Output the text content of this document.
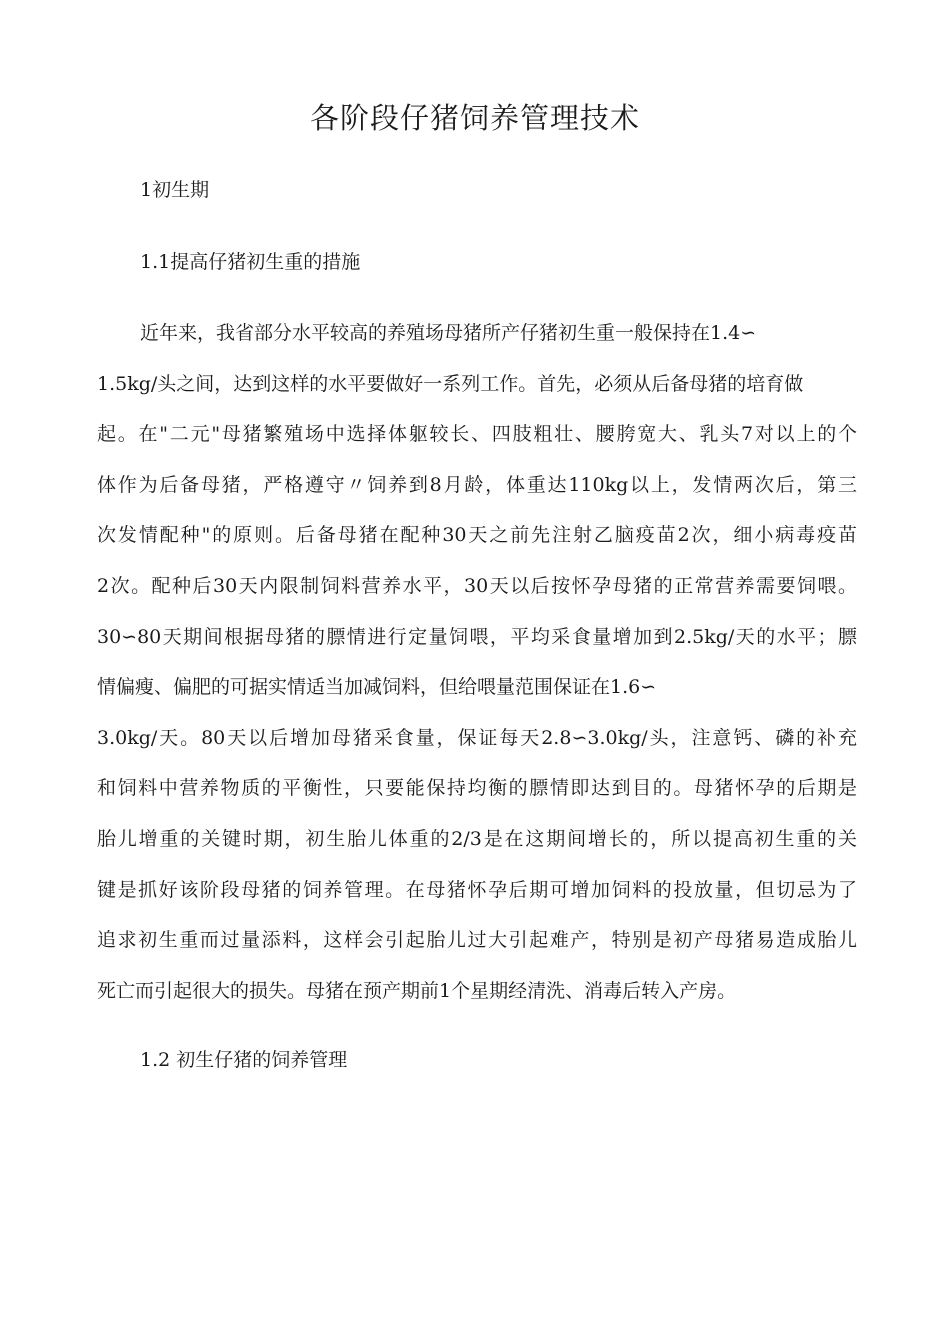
各阶段仔猪饲养管理技术
1初生期
1.1提高仔猪初生重的措施
近年来，我省部分水平较高的养殖场母猪所产仔猪初生重一般保持在1.4∽
1.5kg/头之间，达到这样的水平要做好一系列工作。首先，必须从后备母猪的培育做
起。在"二元"母猪繁殖场中选择体躯较长、四肢粗壮、腰胯宽大、乳头7对以上的个
体作为后备母猪，严格遵守〃饲养到8月龄，体重达110kg以上，发情两次后，第三
次发情配种"的原则。后备母猪在配种30天之前先注射乙脑疫苗2次，细小病毒疫苗
2次。配种后30天内限制饲料营养水平，30天以后按怀孕母猪的正常营养需要饲喂。
30∽80天期间根据母猪的膘情进行定量饲喂，平均采食量增加到2.5kg/天的水平；膘
情偏瘦、偏肥的可据实情适当加减饲料，但给喂量范围保证在1.6∽
3.0kg/天。80天以后增加母猪采食量，保证每天2.8∽3.0kg/头，注意钙、磷的补充
和饲料中营养物质的平衡性，只要能保持均衡的膘情即达到目的。母猪怀孕的后期是
胎儿增重的关键时期，初生胎儿体重的2/3是在这期间增长的，所以提高初生重的关
键是抓好该阶段母猪的饲养管理。在母猪怀孕后期可增加饲料的投放量，但切忌为了
追求初生重而过量添料，这样会引起胎儿过大引起难产，特别是初产母猪易造成胎儿
死亡而引起很大的损失。母猪在预产期前1个星期经清洗、消毒后转入产房。
1.2 初生仔猪的饲养管理
